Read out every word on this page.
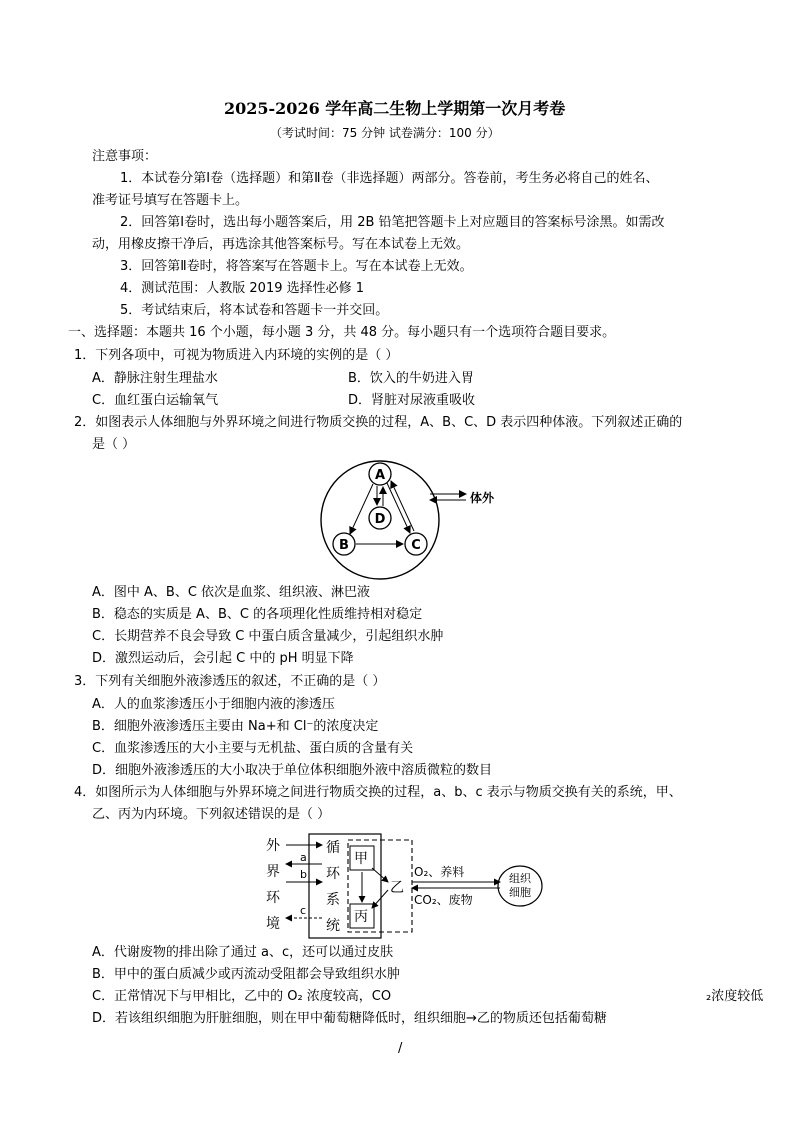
2025-2026 学年高二生物上学期第一次月考卷
（考试时间：75 分钟 试卷满分：100 分）
注意事项：
1．本试卷分第Ⅰ卷（选择题）和第Ⅱ卷（非选择题）两部分。答卷前，考生务必将自己的姓名、
准考证号填写在答题卡上。
2．回答第Ⅰ卷时，选出每小题答案后，用 2B 铅笔把答题卡上对应题目的答案标号涂黑。如需改
动，用橡皮擦干净后，再选涂其他答案标号。写在本试卷上无效。
3．回答第Ⅱ卷时，将答案写在答题卡上。写在本试卷上无效。
4．测试范围：人教版 2019 选择性必修 1
5．考试结束后，将本试卷和答题卡一并交回。
一、选择题：本题共 16 个小题，每小题 3 分，共 48 分。每小题只有一个选项符合题目要求。
1．下列各项中，可视为物质进入内环境的实例的是（ ）
A．静脉注射生理盐水	B．饮入的牛奶进入胃
C．血红蛋白运输氧气	D．肾脏对尿液重吸收
2．如图表示人体细胞与外界环境之间进行物质交换的过程，A、B、C、D 表示四种体液。下列叙述正确的
是（ ）
A
D
B	C
体外
A．图中 A、B、C 依次是血浆、组织液、淋巴液
B．稳态的实质是 A、B、C 的各项理化性质维持相对稳定
C．长期营养不良会导致 C 中蛋白质含量减少，引起组织水肿
D．激烈运动后，会引起 C 中的 pH 明显下降
3．下列有关细胞外液渗透压的叙述，不正确的是（ ）
A．人的血浆渗透压小于细胞内液的渗透压
B．细胞外液渗透压主要由 Na+和 Cl⁻的浓度决定
C．血浆渗透压的大小主要与无机盐、蛋白质的含量有关
D．细胞外液渗透压的大小取决于单位体积细胞外液中溶质微粒的数目
4．如图所示为人体细胞与外界环境之间进行物质交换的过程，a、b、c 表示与物质交换有关的系统，甲、
乙、丙为内环境。下列叙述错误的是（ ）
外
界
环
境
循
环
系
统
a
b
c
甲
丙
乙
O₂、养料
CO₂、废物
组织
细胞
A．代谢废物的排出除了通过 a、c，还可以通过皮肤
B．甲中的蛋白质减少或丙流动受阻都会导致组织水肿
C．正常情况下与甲相比，乙中的 O₂ 浓度较高，CO	₂浓度较低
D．若该组织细胞为肝脏细胞，则在甲中葡萄糖降低时，组织细胞→乙的物质还包括葡萄糖
/
